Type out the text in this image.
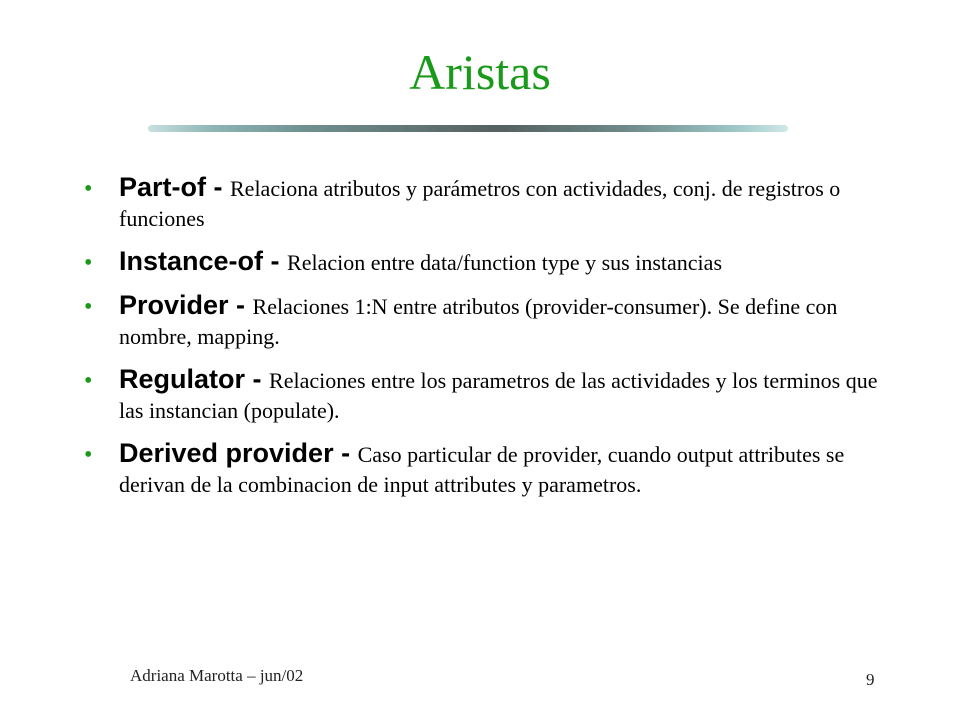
Aristas
• Part-of - Relaciona atributos y parámetros con actividades, conj. de registros o funciones
• Instance-of - Relacion entre data/function type y sus instancias
• Provider - Relaciones 1:N entre atributos (provider-consumer). Se define con nombre, mapping.
• Regulator - Relaciones entre los parametros de las actividades y los terminos que las instancian (populate).
• Derived provider - Caso particular de provider, cuando output attributes se derivan de la combinacion de input attributes y parametros.
Adriana Marotta – jun/02	9
